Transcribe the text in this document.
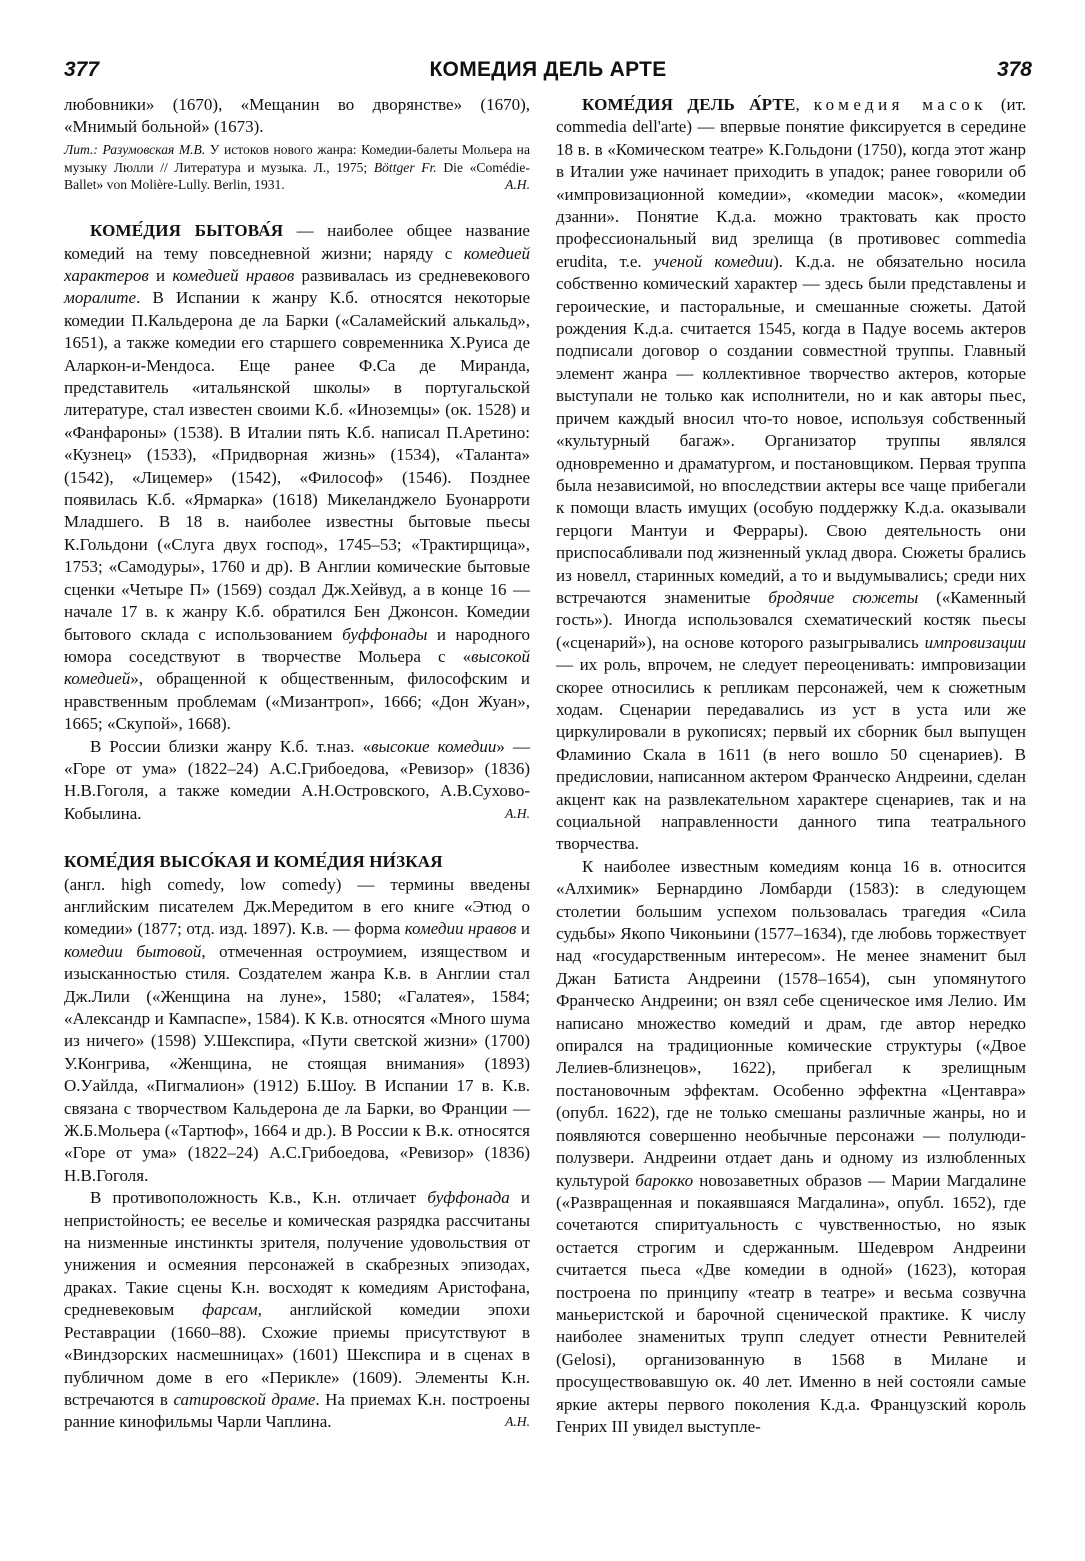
377	КОМЕДИЯ ДЕЛЬ АРТЕ	378

любовники» (1670), «Мещанин во дворянстве» (1670), «Мнимый больной» (1673).

Лит.: Разумовская М.В. У истоков нового жанра: Комедии-балеты Мольера на музыку Люлли // Литература и музыка. Л., 1975; Böttger Fr. Die «Comédie-Ballet» von Molière-Lully. Berlin, 1931.	А.Н.

КОМЕ́ДИЯ БЫТОВА́Я — наиболее общее название комедий на тему повседневной жизни; наряду с комедией характеров и комедией нравов развивалась из средневекового моралите. В Испании к жанру К.б. относятся некоторые комедии П.Кальдерона де ла Барки («Саламейский алькальд», 1651), а также комедии его старшего современника Х.Руиса де Аларкон-и-Мендоса. Еще ранее Ф.Са де Миранда, представитель «итальянской школы» в португальской литературе, стал известен своими К.б. «Иноземцы» (ок. 1528) и «Фанфароны» (1538). В Италии пять К.б. написал П.Аретино: «Кузнец» (1533), «Придворная жизнь» (1534), «Таланта» (1542), «Лицемер» (1542), «Философ» (1546). Позднее появилась К.б. «Ярмарка» (1618) Микеланджело Буонарроти Младшего. В 18 в. наиболее известны бытовые пьесы К.Гольдони («Слуга двух господ», 1745–53; «Трактирщица», 1753; «Самодуры», 1760 и др). В Англии комические бытовые сценки «Четыре П» (1569) создал Дж.Хейвуд, а в конце 16 — начале 17 в. к жанру К.б. обратился Бен Джонсон. Комедии бытового склада с использованием буффонады и народного юмора соседствуют в творчестве Мольера с «высокой комедией», обращенной к общественным, философским и нравственным проблемам («Мизантроп», 1666; «Дон Жуан», 1665; «Скупой», 1668).

В России близки жанру К.б. т.наз. «высокие комедии» — «Горе от ума» (1822–24) А.С.Грибоедова, «Ревизор» (1836) Н.В.Гоголя, а также комедии А.Н.Островского, А.В.Сухово-Кобылина.	А.Н.

КОМЕ́ДИЯ ВЫСО́КАЯ И КОМЕ́ДИЯ НИ́ЗКАЯ

(англ. high comedy, low comedy) — термины введены английским писателем Дж.Мередитом в его книге «Этюд о комедии» (1877; отд. изд. 1897). К.в. — форма комедии нравов и комедии бытовой, отмеченная остроумием, изяществом и изысканностью стиля. Создателем жанра К.в. в Англии стал Дж.Лили («Женщина на луне», 1580; «Галатея», 1584; «Александр и Кампаспе», 1584). К К.в. относятся «Много шума из ничего» (1598) У.Шекспира, «Пути светской жизни» (1700) У.Конгрива, «Женщина, не стоящая внимания» (1893) О.Уайлда, «Пигмалион» (1912) Б.Шоу. В Испании 17 в. К.в. связана с творчеством Кальдерона де ла Барки, во Франции — Ж.Б.Мольера («Тартюф», 1664 и др.). В России к В.к. относятся «Горе от ума» (1822–24) А.С.Грибоедова, «Ревизор» (1836) Н.В.Гоголя.

В противоположность К.в., К.н. отличает буффонада и непристойность; ее веселье и комическая разрядка рассчитаны на низменные инстинкты зрителя, получение удовольствия от унижения и осмеяния персонажей в скабрезных эпизодах, драках. Такие сцены К.н. восходят к комедиям Аристофана, средневековым фарсам, английской комедии эпохи Реставрации (1660–88). Схожие приемы присутствуют в «Виндзорских насмешницах» (1601) Шекспира и в сценах в публичном доме в его «Перикле» (1609). Элементы К.н. встречаются в сатировской драме. На приемах К.н. построены ранние кинофильмы Чарли Чаплина.	А.Н.

КОМЕ́ДИЯ ДЕЛЬ А́РТЕ, комедия масок (ит. commedia dell'arte) — впервые понятие фиксируется в середине 18 в. в «Комическом театре» К.Гольдони (1750), когда этот жанр в Италии уже начинает приходить в упадок; ранее говорили об «импровизационной комедии», «комедии масок», «комедии дзанни». Понятие К.д.а. можно трактовать как просто профессиональный вид зрелища (в противовес commedia erudita, т.е. ученой комедии). К.д.а. не обязательно носила собственно комический характер — здесь были представлены и героические, и пасторальные, и смешанные сюжеты. Датой рождения К.д.а. считается 1545, когда в Падуе восемь актеров подписали договор о создании совместной труппы. Главный элемент жанра — коллективное творчество актеров, которые выступали не только как исполнители, но и как авторы пьес, причем каждый вносил что-то новое, используя собственный «культурный багаж». Организатор труппы являлся одновременно и драматургом, и постановщиком. Первая труппа была независимой, но впоследствии актеры все чаще прибегали к помощи власть имущих (особую поддержку К.д.а. оказывали герцоги Мантуи и Феррары). Свою деятельность они приспосабливали под жизненный уклад двора. Сюжеты брались из новелл, старинных комедий, а то и выдумывались; среди них встречаются знаменитые бродячие сюжеты («Каменный гость»). Иногда использовался схематический костяк пьесы («сценарий»), на основе которого разыгрывались импровизации — их роль, впрочем, не следует переоценивать: импровизации скорее относились к репликам персонажей, чем к сюжетным ходам. Сценарии передавались из уст в уста или же циркулировали в рукописях; первый их сборник был выпущен Фламинио Скала в 1611 (в него вошло 50 сценариев). В предисловии, написанном актером Франческо Андреини, сделан акцент как на развлекательном характере сценариев, так и на социальной направленности данного типа театрального творчества.

К наиболее известным комедиям конца 16 в. относится «Алхимик» Бернардино Ломбарди (1583): в следующем столетии большим успехом пользовалась трагедия «Сила судьбы» Якопо Чиконьини (1577–1634), где любовь торжествует над «государственным интересом». Не менее знаменит был Джан Батиста Андреини (1578–1654), сын упомянутого Франческо Андреини; он взял себе сценическое имя Лелио. Им написано множество комедий и драм, где автор нередко опирался на традиционные комические структуры («Двое Лелиев-близнецов», 1622), прибегал к зрелищным постановочным эффектам. Особенно эффектна «Центавра» (опубл. 1622), где не только смешаны различные жанры, но и появляются совершенно необычные персонажи — полулюди-полузвери. Андреини отдает дань и одному из излюбленных культурой барокко новозаветных образов — Марии Магдалине («Развращенная и покаявшаяся Магдалина», опубл. 1652), где сочетаются спиритуальность с чувственностью, но язык остается строгим и сдержанным. Шедевром Андреини считается пьеса «Две комедии в одной» (1623), которая построена по принципу «театр в театре» и весьма созвучна маньеристской и барочной сценической практике. К числу наиболее знаменитых трупп следует отнести Ревнителей (Gelosi), организованную в 1568 в Милане и просуществовавшую ок. 40 лет. Именно в ней состояли самые яркие актеры первого поколения К.д.а. Французский король Генрих III увидел выступле-
